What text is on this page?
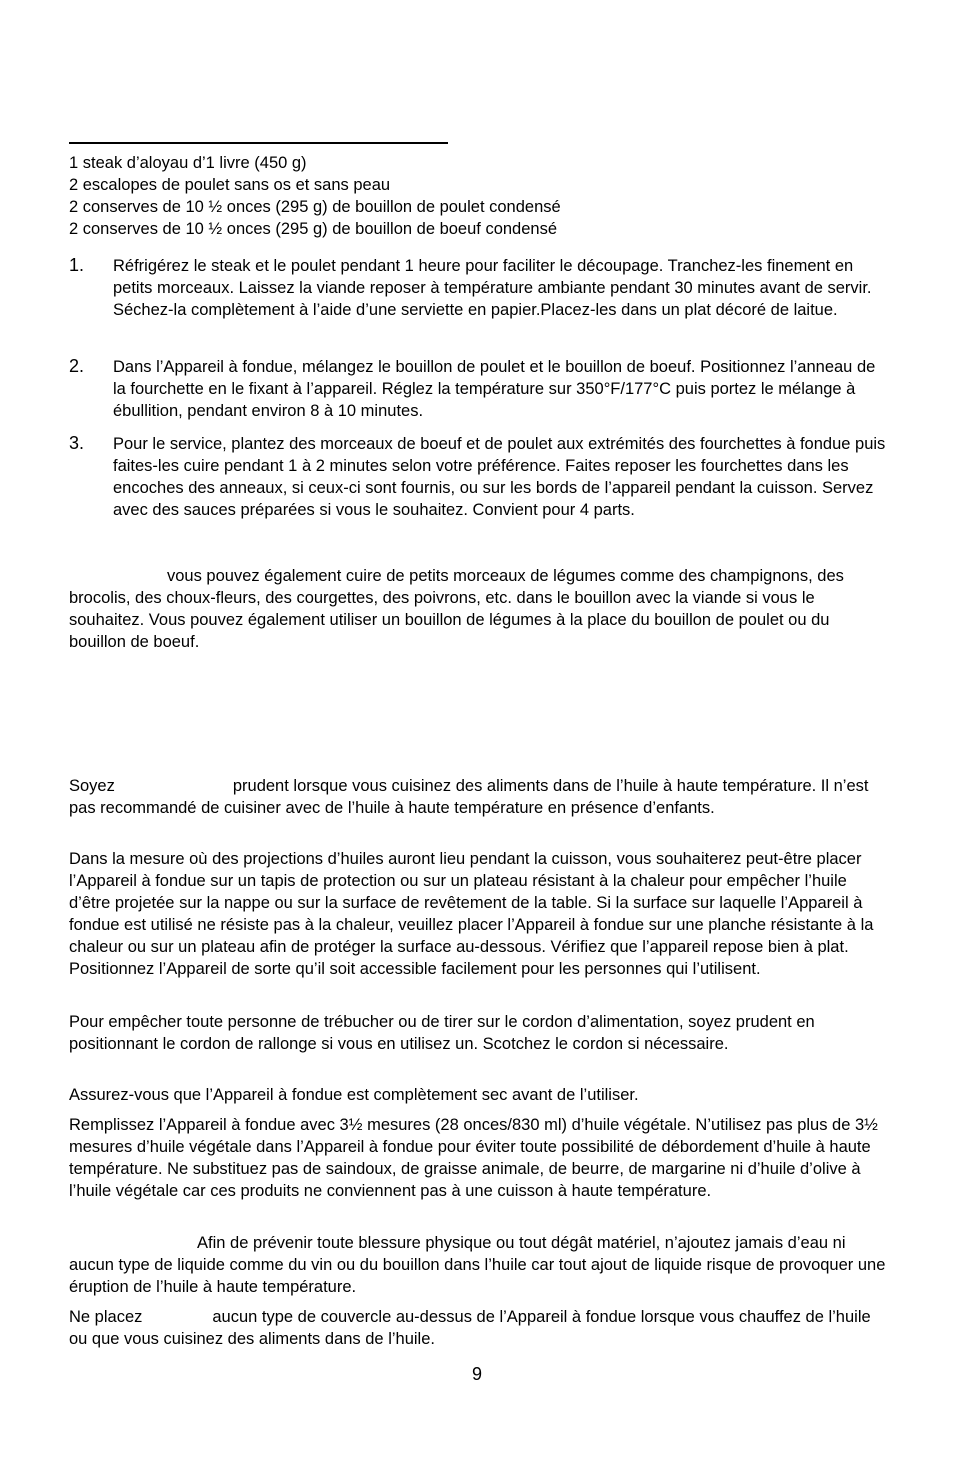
1 steak d’aloyau d’1 livre (450 g)
2 escalopes de poulet sans os et sans peau
2 conserves de 10 ½ onces (295 g) de bouillon de poulet condensé
2 conserves de 10 ½ onces (295 g) de bouillon de boeuf condensé
1. Réfrigérez le steak et le poulet pendant 1 heure pour faciliter le découpage. Tranchez-les finement en petits morceaux. Laissez la viande reposer à température ambiante pendant 30 minutes avant de servir. Séchez-la complètement à l’aide d’une serviette en papier.Placez-les dans un plat décoré de laitue.
2. Dans l’Appareil à fondue, mélangez le bouillon de poulet et le bouillon de boeuf. Positionnez l’anneau de la fourchette en le fixant à l’appareil. Réglez la température sur 350°F/177°C puis portez le mélange à ébullition, pendant environ 8 à 10 minutes.
3. Pour le service, plantez des morceaux de boeuf et de poulet aux extrémités des fourchettes à fondue puis faites-les cuire pendant 1 à 2 minutes selon votre préférence. Faites reposer les fourchettes dans les encoches des anneaux, si ceux-ci sont fournis, ou sur les bords de l’appareil pendant la cuisson. Servez avec des sauces préparées si vous le souhaitez. Convient pour 4 parts.
vous pouvez également cuire de petits morceaux de légumes comme des champignons, des brocolis, des choux-fleurs, des courgettes, des poivrons, etc. dans le bouillon avec la viande si vous le souhaitez. Vous pouvez également utiliser un bouillon de légumes à la place du bouillon de poulet ou du bouillon de boeuf.
Soyez	prudent lorsque vous cuisinez des aliments dans de l’huile à haute température. Il n’est pas recommandé de cuisiner avec de l’huile à haute température en présence d’enfants.
Dans la mesure où des projections d’huiles auront lieu pendant la cuisson, vous souhaiterez peut-être placer l’Appareil à fondue sur un tapis de protection ou sur un plateau résistant à la chaleur pour empêcher l’huile d’être projetée sur la nappe ou sur la surface de revêtement de la table. Si la surface sur laquelle l’Appareil à fondue est utilisé ne résiste pas à la chaleur, veuillez placer l’Appareil à fondue sur une planche résistante à la chaleur ou sur un plateau afin de protéger la surface au-dessous. Vérifiez que l’appareil repose bien à plat. Positionnez l’Appareil de sorte qu’il soit accessible facilement pour les personnes qui l’utilisent.
Pour empêcher toute personne de trébucher ou de tirer sur le cordon d’alimentation, soyez prudent en positionnant le cordon de rallonge si vous en utilisez un. Scotchez le cordon si nécessaire.
Assurez-vous que l’Appareil à fondue est complètement sec avant de l’utiliser.
Remplissez l’Appareil à fondue avec 3½ mesures (28 onces/830 ml) d’huile végétale. N’utilisez pas plus de 3½ mesures d’huile végétale dans l’Appareil à fondue pour éviter toute possibilité de débordement d’huile à haute température. Ne substituez pas de saindoux, de graisse animale, de beurre, de margarine ni d’huile d’olive à l’huile végétale car ces produits ne conviennent pas à une cuisson à haute température.
Afin de prévenir toute blessure physique ou tout dégât matériel, n’ajoutez jamais d’eau ni aucun type de liquide comme du vin ou du bouillon dans l’huile car tout ajout de liquide risque de provoquer une éruption de l’huile à haute température.
Ne placez	aucun type de couvercle au-dessus de l’Appareil à fondue lorsque vous chauffez de l’huile ou que vous cuisinez des aliments dans de l’huile.
9
